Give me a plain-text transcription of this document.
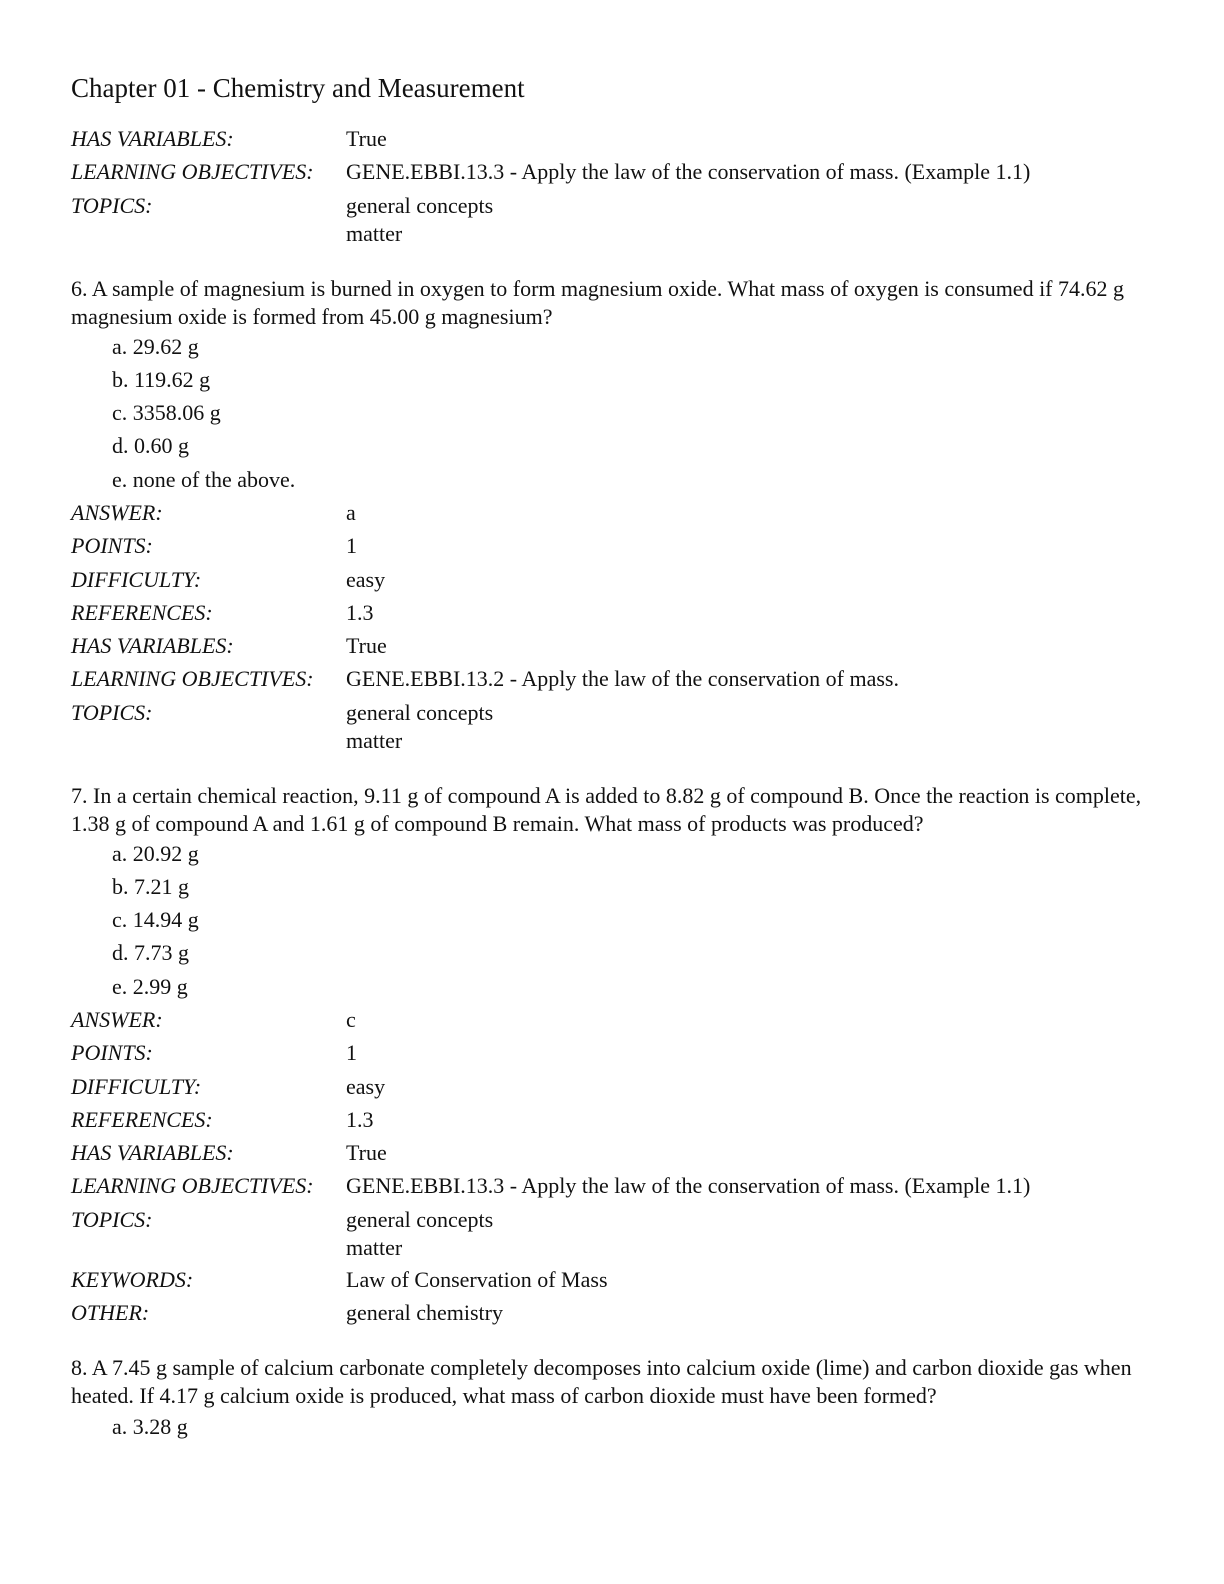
Chapter 01 - Chemistry and Measurement
HAS VARIABLES:	True
LEARNING OBJECTIVES: GENE.EBBI.13.3 - Apply the law of the conservation of mass. (Example 1.1)
TOPICS:	general concepts
matter
6. A sample of magnesium is burned in oxygen to form magnesium oxide. What mass of oxygen is consumed if 74.62 g magnesium oxide is formed from 45.00 g magnesium?
a. 29.62 g
b. 119.62 g
c. 3358.06 g
d. 0.60 g
e. none of the above.
ANSWER:	a
POINTS:	1
DIFFICULTY:	easy
REFERENCES:	1.3
HAS VARIABLES:	True
LEARNING OBJECTIVES: GENE.EBBI.13.2 - Apply the law of the conservation of mass.
TOPICS:	general concepts
matter
7. In a certain chemical reaction, 9.11 g of compound A is added to 8.82 g of compound B. Once the reaction is complete, 1.38 g of compound A and 1.61 g of compound B remain. What mass of products was produced?
a. 20.92 g
b. 7.21 g
c. 14.94 g
d. 7.73 g
e. 2.99 g
ANSWER:	c
POINTS:	1
DIFFICULTY:	easy
REFERENCES:	1.3
HAS VARIABLES:	True
LEARNING OBJECTIVES: GENE.EBBI.13.3 - Apply the law of the conservation of mass. (Example 1.1)
TOPICS:	general concepts
matter
KEYWORDS:	Law of Conservation of Mass
OTHER:	general chemistry
8. A 7.45 g sample of calcium carbonate completely decomposes into calcium oxide (lime) and carbon dioxide gas when heated. If 4.17 g calcium oxide is produced, what mass of carbon dioxide must have been formed?
a. 3.28 g
